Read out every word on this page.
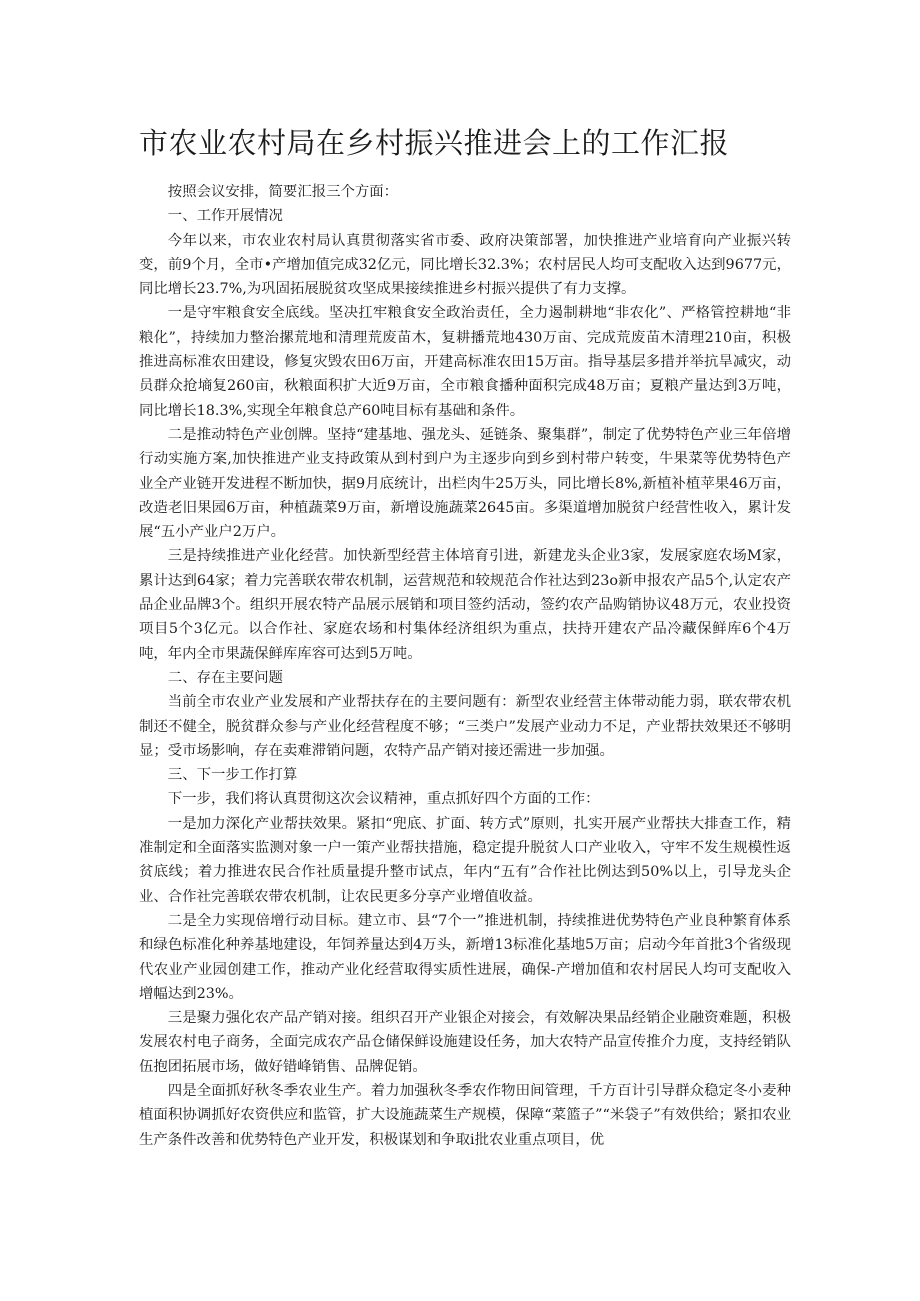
市农业农村局在乡村振兴推进会上的工作汇报

按照会议安排，简要汇报三个方面：

一、工作开展情况

今年以来，市农业农村局认真贯彻落实省市委、政府决策部署，加快推进产业培育向产业振兴转变，前9个月，全市•产增加值完成32亿元，同比增长32.3%；农村居民人均可支配收入达到9677元，同比增长23.7%,为巩固拓展脱贫攻坚成果接续推进乡村振兴提供了有力支撑。

一是守牢粮食安全底线。坚决扛牢粮食安全政治责任，全力遏制耕地“非农化”、严格管控耕地“非粮化”，持续加力整治摞荒地和清理荒废苗木，复耕播荒地430万亩、完成荒废苗木清理210亩，积极推进高标准农田建设，修复灾毁农田6万亩，开建高标准农田15万亩。指导基层多措并举抗旱减灾，动员群众抢墒复260亩，秋粮面积扩大近9万亩，全市粮食播种面积完成48万亩；夏粮产量达到3万吨，同比增长18.3%,实现全年粮食总产60吨目标有基础和条件。

二是推动特色产业创牌。坚持“建基地、强龙头、延链条、聚集群”，制定了优势特色产业三年倍增行动实施方案,加快推进产业支持政策从到村到户为主逐步向到乡到村带户转变，牛果菜等优势特色产业全产业链开发进程不断加快，据9月底统计，出栏肉牛25万头，同比增长8%,新植补植苹果46万亩，改造老旧果园6万亩，种植蔬菜9万亩，新增设施蔬菜2645亩。多渠道增加脱贫户经营性收入，累计发展“五小产业户2万户。

三是持续推进产业化经营。加快新型经营主体培育引进，新建龙头企业3家，发展家庭农场M家，累计达到64家；着力完善联农带农机制，运营规范和较规范合作社达到23o新申报农产品5个,认定农产品企业品牌3个。组织开展农特产品展示展销和项目签约活动，签约农产品购销协议48万元，农业投资项目5个3亿元。以合作社、家庭农场和村集体经济组织为重点，扶持开建农产品冷藏保鲜库6个4万吨，年内全市果蔬保鲜库库容可达到5万吨。

二、存在主要问题

当前全市农业产业发展和产业帮扶存在的主要问题有：新型农业经营主体带动能力弱，联农带农机制还不健全，脱贫群众参与产业化经营程度不够；“三类户”发展产业动力不足，产业帮扶效果还不够明显；受市场影响，存在卖难滞销问题，农特产品产销对接还需进一步加强。

三、下一步工作打算

下一步，我们将认真贯彻这次会议精神，重点抓好四个方面的工作：

一是加力深化产业帮扶效果。紧扣“兜底、扩面、转方式”原则，扎实开展产业帮扶大排查工作，精准制定和全面落实监测对象一户一策产业帮扶措施，稳定提升脱贫人口产业收入，守牢不发生规模性返贫底线；着力推进农民合作社质量提升整市试点，年内“五有”合作社比例达到50%以上，引导龙头企业、合作社完善联农带农机制，让农民更多分享产业增值收益。

二是全力实现倍增行动目标。建立市、县“7个一”推进机制，持续推进优势特色产业良种繁育体系和绿色标准化种养基地建设，年饲养量达到4万头，新增13标准化基地5万亩；启动今年首批3个省级现代农业产业园创建工作，推动产业化经营取得实质性进展，确保-产增加值和农村居民人均可支配收入增幅达到23%。

三是聚力强化农产品产销对接。组织召开产业银企对接会，有效解决果品经销企业融资难题，积极发展农村电子商务，全面完成农产品仓储保鲜设施建设任务，加大农特产品宣传推介力度，支持经销队伍抱团拓展市场，做好错峰销售、品牌促销。

四是全面抓好秋冬季农业生产。着力加强秋冬季农作物田间管理，千方百计引导群众稳定冬小麦种植面积协调抓好农资供应和监管，扩大设施蔬菜生产规模，保障“菜篮子”“米袋子”有效供给；紧扣农业生产条件改善和优势特色产业开发，积极谋划和争取i批农业重点项目，优
